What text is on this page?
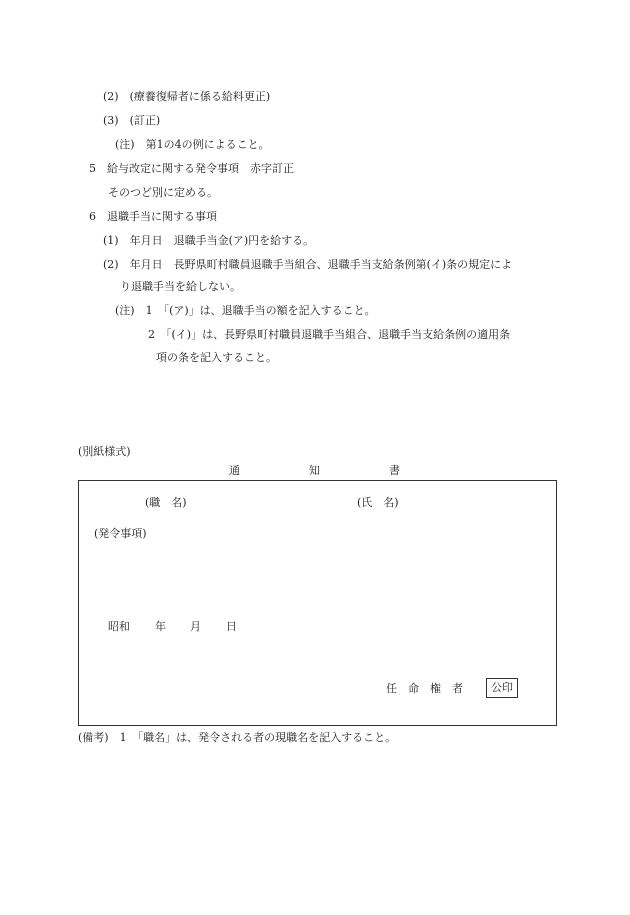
(2)　(療養復帰者に係る給料更正)
(3)　(訂正)
(注)　第1の4の例によること。
5　給与改定に関する発令事項　赤字訂正
そのつど別に定める。
6　退職手当に関する事項
(1)　年月日　退職手当金(ア)円を給する。
(2)　年月日　長野県町村職員退職手当組合、退職手当支給条例第(イ)条の規定によ
り退職手当を給しない。
(注)　1　「(ア)」は、退職手当の額を記入すること。
2　「(イ)」は、長野県町村職員退職手当組合、退職手当支給条例の適用条
項の条を記入すること。
(別紙様式)
通	知	書
(職　名)	(氏　名)
(発令事項)
昭和 年 月 日
任　命　権　者	公印
(備考)　1　「職名」は、発令される者の現職名を記入すること。
